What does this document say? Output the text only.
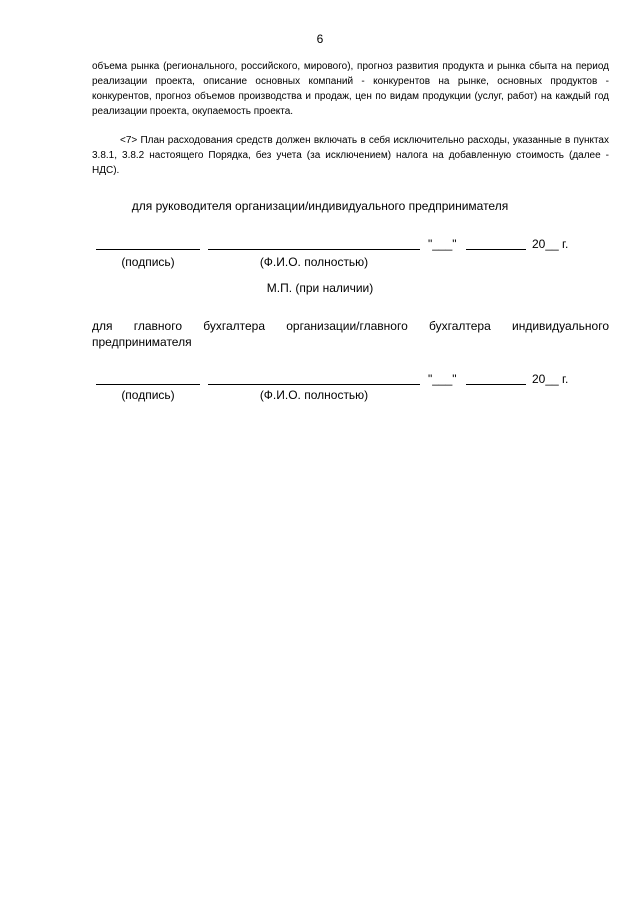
6
объема рынка (регионального, российского, мирового), прогноз развития продукта и рынка сбыта на период реализации проекта, описание основных компаний - конкурентов на рынке, основных продуктов - конкурентов, прогноз объемов производства и продаж, цен по видам продукции (услуг, работ) на каждый год реализации проекта, окупаемость проекта.
<7> План расходования средств должен включать в себя исключительно расходы, указанные в пунктах 3.8.1, 3.8.2 настоящего Порядка, без учета (за исключением) налога на добавленную стоимость (далее - НДС).
для руководителя организации/индивидуального предпринимателя
"___"	20__ г.
(подпись)	(Ф.И.О. полностью)
М.П. (при наличии)
для главного бухгалтера организации/главного бухгалтера индивидуального предпринимателя
"___"	20__ г.
(подпись)	(Ф.И.О. полностью)
